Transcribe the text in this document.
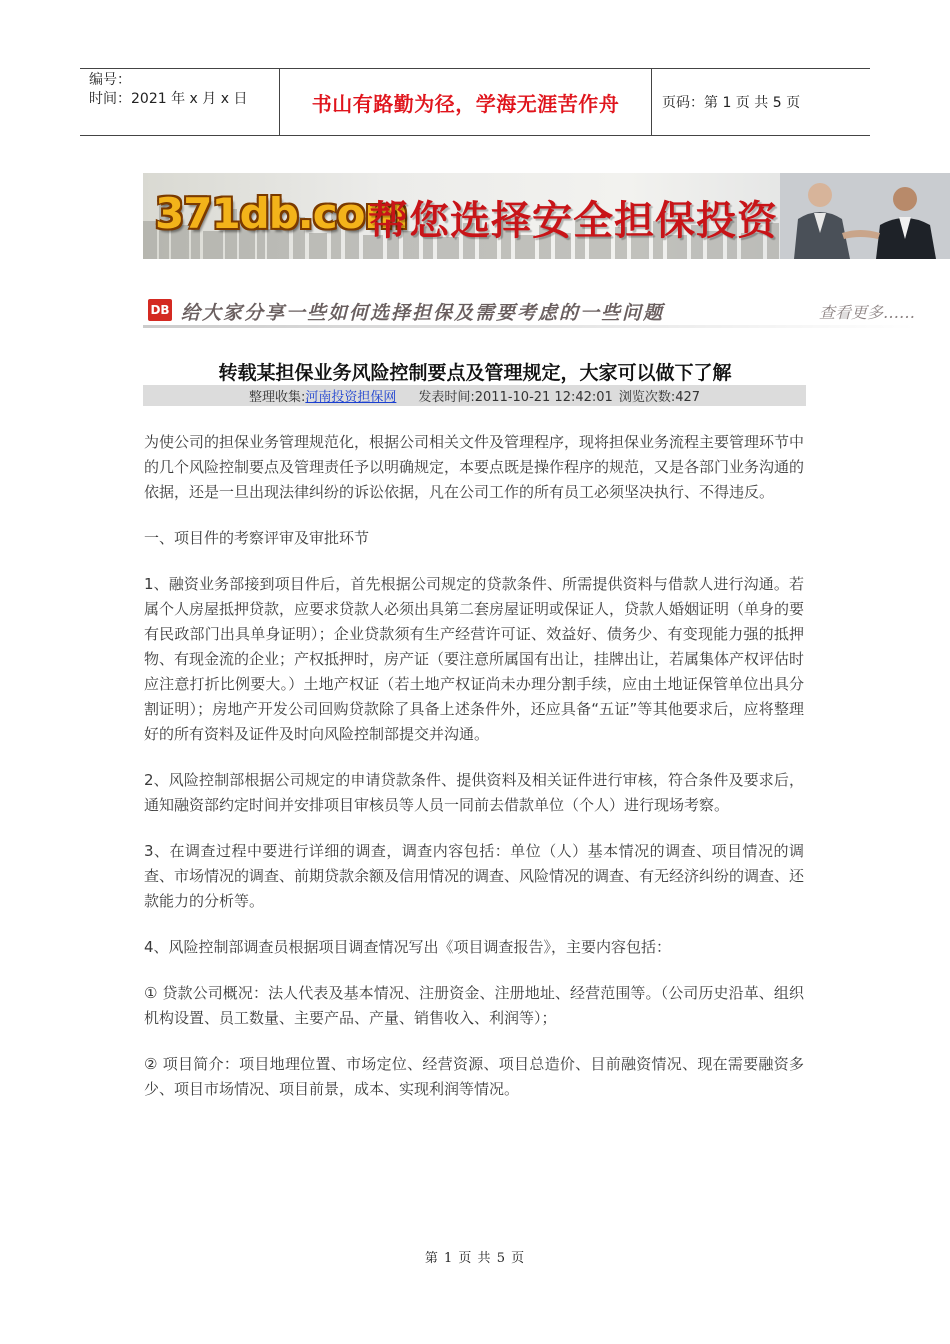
编号：
时间：2021 年 x 月 x 日	书山有路勤为径，学海无涯苦作舟	页码：第 1 页 共 5 页
371db.com
帮您选择安全担保投资
DB 给大家分享一些如何选择担保及需要考虑的一些问题	查看更多……
转载某担保业务风险控制要点及管理规定，大家可以做下了解
整理收集:河南投资担保网 发表时间:2011-10-21 12:42:01 浏览次数:427

为使公司的担保业务管理规范化，根据公司相关文件及管理程序，现将担保业务流程主要管理环节中的几个风险控制要点及管理责任予以明确规定，本要点既是操作程序的规范，又是各部门业务沟通的依据，还是一旦出现法律纠纷的诉讼依据，凡在公司工作的所有员工必须坚决执行、不得违反。

一、项目件的考察评审及审批环节

1、融资业务部接到项目件后，首先根据公司规定的贷款条件、所需提供资料与借款人进行沟通。若属个人房屋抵押贷款，应要求贷款人必须出具第二套房屋证明或保证人，贷款人婚姻证明（单身的要有民政部门出具单身证明）；企业贷款须有生产经营许可证、效益好、债务少、有变现能力强的抵押物、有现金流的企业；产权抵押时，房产证（要注意所属国有出让，挂牌出让，若属集体产权评估时应注意打折比例要大。）土地产权证（若土地产权证尚未办理分割手续，应由土地证保管单位出具分割证明）；房地产开发公司回购贷款除了具备上述条件外，还应具备“五证”等其他要求后，应将整理好的所有资料及证件及时向风险控制部提交并沟通。

2、风险控制部根据公司规定的申请贷款条件、提供资料及相关证件进行审核，符合条件及要求后，通知融资部约定时间并安排项目审核员等人员一同前去借款单位（个人）进行现场考察。

3、在调查过程中要进行详细的调查，调查内容包括：单位（人）基本情况的调查、项目情况的调查、市场情况的调查、前期贷款余额及信用情况的调查、风险情况的调查、有无经济纠纷的调查、还款能力的分析等。

4、风险控制部调查员根据项目调查情况写出《项目调查报告》，主要内容包括：

① 贷款公司概况：法人代表及基本情况、注册资金、注册地址、经营范围等。（公司历史沿革、组织机构设置、员工数量、主要产品、产量、销售收入、利润等）；

② 项目简介：项目地理位置、市场定位、经营资源、项目总造价、目前融资情况、现在需要融资多少、项目市场情况、项目前景，成本、实现利润等情况。

第 1 页 共 5 页
